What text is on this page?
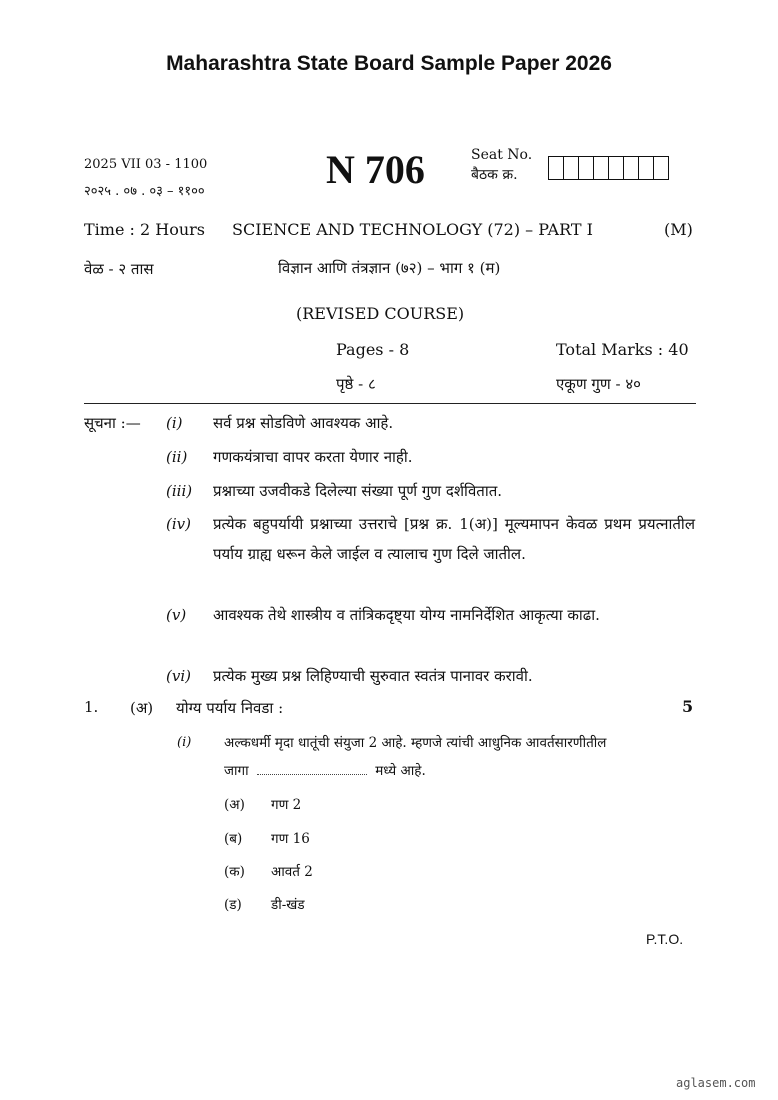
Maharashtra State Board Sample Paper 2026
2025 VII 03 - 1100
२०२५ . ०७ . ०३ – ११००	N 706	Seat No.
बैठक क्र.
Time : 2 Hours SCIENCE AND TECHNOLOGY (72) – PART I	(M)
वेळ - २ तास	विज्ञान आणि तंत्रज्ञान (७२) – भाग १ (म)
(REVISED COURSE)
Pages - 8	Total Marks : 40
पृष्ठे - ८	एकूण गुण - ४०
सूचना :— (i) सर्व प्रश्न सोडविणे आवश्यक आहे.
(ii) गणकयंत्राचा वापर करता येणार नाही.
(iii) प्रश्नाच्या उजवीकडे दिलेल्या संख्या पूर्ण गुण दर्शवितात.
(iv) प्रत्येक बहुपर्यायी प्रश्नाच्या उत्तराचे [प्रश्न क्र. 1(अ)] मूल्यमापन केवळ प्रथम प्रयत्नातील पर्याय ग्राह्य धरून केले जाईल व त्यालाच गुण दिले जातील.
(v) आवश्यक तेथे शास्त्रीय व तांत्रिकदृष्ट्या योग्य नामनिर्देशित आकृत्या काढा.
(vi) प्रत्येक मुख्य प्रश्न लिहिण्याची सुरुवात स्वतंत्र पानावर करावी.
1. (अ) योग्य पर्याय निवडा :	5
(i) अल्कधर्मी मृदा धातूंची संयुजा 2 आहे. म्हणजे त्यांची आधुनिक आवर्तसारणीतील
जागा	मध्ये आहे.
(अ) गण 2
(ब) गण 16
(क) आवर्त 2
(ड) डी-खंड
P.T.O.
aglasem.com
